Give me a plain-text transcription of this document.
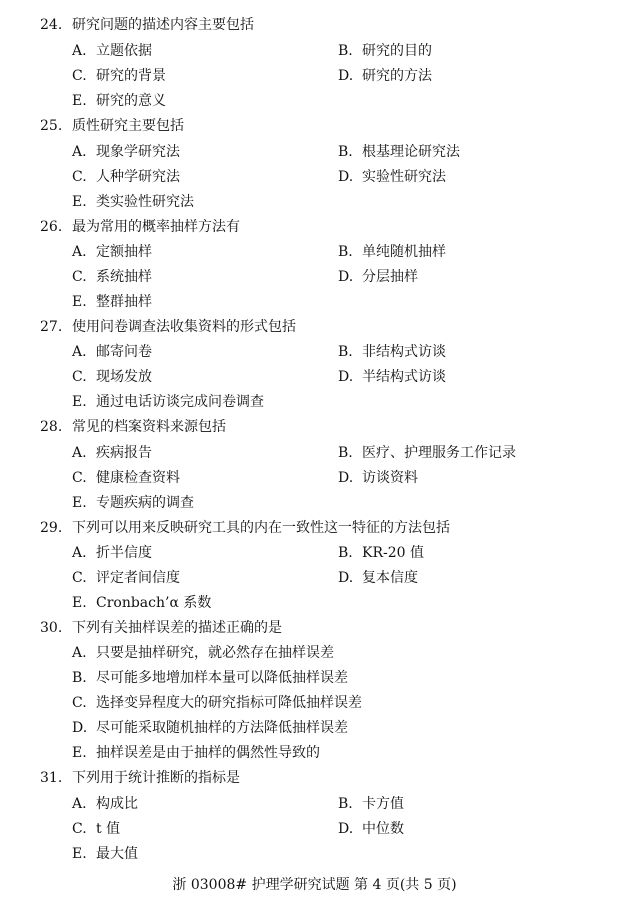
24. 研究问题的描述内容主要包括
A. 立题依据	B. 研究的目的
C. 研究的背景	D. 研究的方法
E. 研究的意义
25. 质性研究主要包括
A. 现象学研究法	B. 根基理论研究法
C. 人种学研究法	D. 实验性研究法
E. 类实验性研究法
26. 最为常用的概率抽样方法有
A. 定额抽样	B. 单纯随机抽样
C. 系统抽样	D. 分层抽样
E. 整群抽样
27. 使用问卷调查法收集资料的形式包括
A. 邮寄问卷	B. 非结构式访谈
C. 现场发放	D. 半结构式访谈
E. 通过电话访谈完成问卷调查
28. 常见的档案资料来源包括
A. 疾病报告	B. 医疗、护理服务工作记录
C. 健康检查资料	D. 访谈资料
E. 专题疾病的调查
29. 下列可以用来反映研究工具的内在一致性这一特征的方法包括
A. 折半信度	B. KR-20 值
C. 评定者间信度	D. 复本信度
E. Cronbach’α 系数
30. 下列有关抽样误差的描述正确的是
A. 只要是抽样研究，就必然存在抽样误差
B. 尽可能多地增加样本量可以降低抽样误差
C. 选择变异程度大的研究指标可降低抽样误差
D. 尽可能采取随机抽样的方法降低抽样误差
E. 抽样误差是由于抽样的偶然性导致的
31. 下列用于统计推断的指标是
A. 构成比	B. 卡方值
C. t 值	D. 中位数
E. 最大值
浙 03008# 护理学研究试题 第 4 页(共 5 页)
